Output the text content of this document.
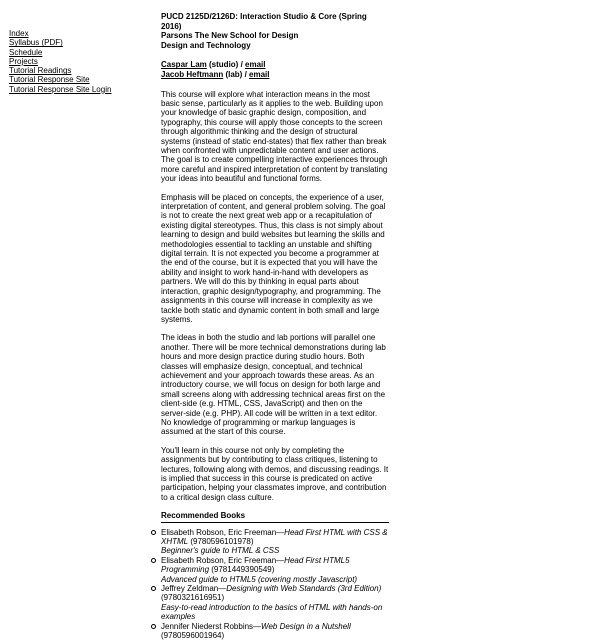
Index
Syllabus (PDF)
Schedule
Projects
Tutorial Readings
Tutorial Response Site
Tutorial Response Site Login
PUCD 2125D/2126D: Interaction Studio & Core (Spring 2016)
Parsons The New School for Design
Design and Technology
Caspar Lam (studio) / email
Jacob Heftmann (lab) / email

This course will explore what interaction means in the most basic sense, particularly as it applies to the web. Building upon your knowledge of basic graphic design, composition, and typography, this course will apply those concepts to the screen through algorithmic thinking and the design of structural systems (instead of static end-states) that flex rather than break when confronted with unpredictable content and user actions. The goal is to create compelling interactive experiences through more careful and inspired interpretation of content by translating your ideas into beautiful and functional forms.

Emphasis will be placed on concepts, the experience of a user, interpretation of content, and general problem solving. The goal is not to create the next great web app or a recapitulation of existing digital stereotypes. Thus, this class is not simply about learning to design and build websites but learning the skills and methodologies essential to tackling an unstable and shifting digital terrain. It is not expected you become a programmer at the end of the course, but it is expected that you will have the ability and insight to work hand-in-hand with developers as partners. We will do this by thinking in equal parts about interaction, graphic design/typography, and programming. The assignments in this course will increase in complexity as we tackle both static and dynamic content in both small and large systems.

The ideas in both the studio and lab portions will parallel one another. There will be more technical demonstrations during lab hours and more design practice during studio hours. Both classes will emphasize design, conceptual, and technical achievement and your approach towards these areas. As an introductory course, we will focus on design for both large and small screens along with addressing technical areas first on the client-side (e.g. HTML, CSS, JavaScript) and then on the server-side (e.g. PHP). All code will be written in a text editor. No knowledge of programming or markup languages is assumed at the start of this course.

You'll learn in this course not only by completing the assignments but by contributing to class critiques, listening to lectures, following along with demos, and discussing readings. It is implied that success in this course is predicated on active participation, helping your classmates improve, and contribution to a critical design class culture.

Recommended Books
Elisabeth Robson, Eric Freeman—Head First HTML with CSS & XHTML (9780596101978)
Beginner's guide to HTML & CSS
Elisabeth Robson, Eric Freeman—Head First HTML5 Programming (9781449390549)
Advanced guide to HTML5 (covering mostly Javascript)
Jeffrey Zeldman—Designing with Web Standards (3rd Edition) (9780321616951)
Easy-to-read introduction to the basics of HTML with hands-on examples
Jennifer Niederst Robbins—Web Design in a Nutshell (9780596001964)
